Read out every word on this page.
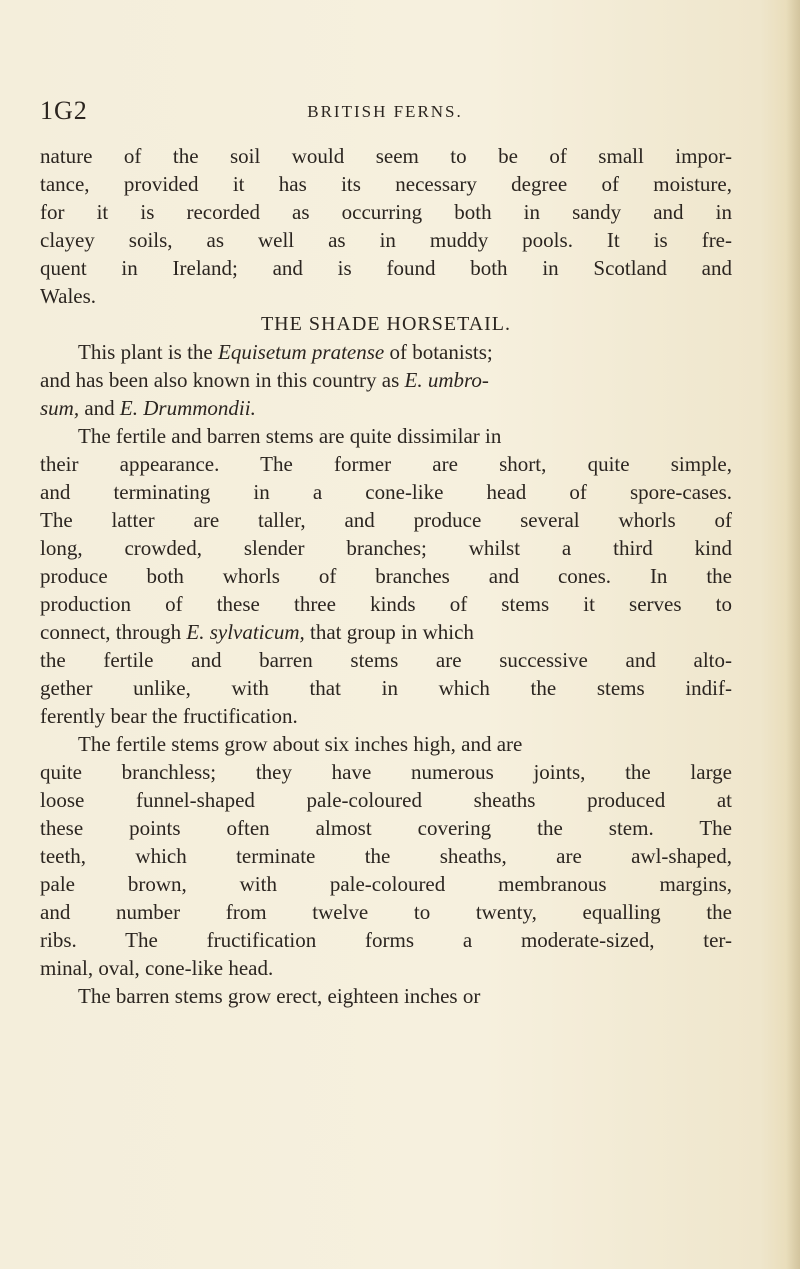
1G2	BRITISH FERNS.
nature of the soil would seem to be of small impor-
tance, provided it has its necessary degree of moisture,
for it is recorded as occurring both in sandy and in
clayey soils, as well as in muddy pools. It is fre-
quent in Ireland; and is found both in Scotland and
Wales.
THE SHADE HORSETAIL.
This plant is the Equisetum pratense of botanists;
and has been also known in this country as E. umbro-
sum, and E. Drummondii.
The fertile and barren stems are quite dissimilar in
their appearance. The former are short, quite simple,
and terminating in a cone-like head of spore-cases.
The latter are taller, and produce several whorls of
long, crowded, slender branches; whilst a third kind
produce both whorls of branches and cones. In the
production of these three kinds of stems it serves to
connect, through E. sylvaticum, that group in which
the fertile and barren stems are successive and alto-
gether unlike, with that in which the stems indif-
ferently bear the fructification.
The fertile stems grow about six inches high, and are
quite branchless; they have numerous joints, the large
loose funnel-shaped pale-coloured sheaths produced at
these points often almost covering the stem. The
teeth, which terminate the sheaths, are awl-shaped,
pale brown, with pale-coloured membranous margins,
and number from twelve to twenty, equalling the
ribs. The fructification forms a moderate-sized, ter-
minal, oval, cone-like head.
The barren stems grow erect, eighteen inches or
